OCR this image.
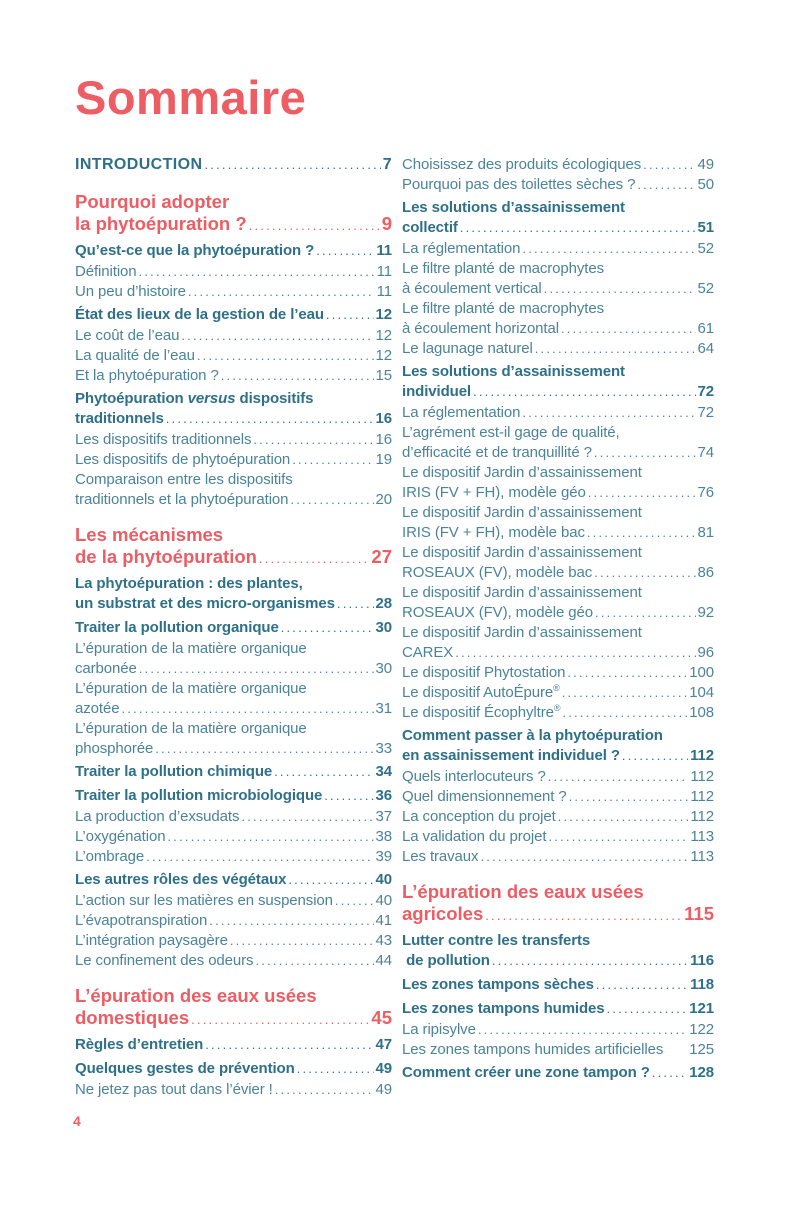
Sommaire
INTRODUCTION .....	7
Pourquoi adopter
la phytoépuration ? .....	9
Qu’est-ce que la phytoépuration ? .....	11
Définition .....	11
Un peu d’histoire .....	11
État des lieux de la gestion de l’eau .....	12
Le coût de l’eau .....	12
La qualité de l’eau .....	12
Et la phytoépuration ? .....	15
Phytoépuration versus dispositifs
traditionnels .....	16
Les dispositifs traditionnels .....	16
Les dispositifs de phytoépuration .....	19
Comparaison entre les dispositifs
traditionnels et la phytoépuration .....	20
Les mécanismes
de la phytoépuration .....	27
La phytoépuration : des plantes,
un substrat et des micro-organismes .....	28
Traiter la pollution organique .....	30
L’épuration de la matière organique
carbonée .....	30
L’épuration de la matière organique
azotée .....	31
L’épuration de la matière organique
phosphorée .....	33
Traiter la pollution chimique .....	34
Traiter la pollution microbiologique .....	36
La production d’exsudats .....	37
L’oxygénation .....	38
L’ombrage .....	39
Les autres rôles des végétaux .....	40
L’action sur les matières en suspension .....	40
L’évapotranspiration .....	41
L’intégration paysagère .....	43
Le confinement des odeurs .....	44
L’épuration des eaux usées
domestiques .....	45
Règles d’entretien .....	47
Quelques gestes de prévention .....	49
Ne jetez pas tout dans l’évier ! .....	49
Choisissez des produits écologiques .....	49
Pourquoi pas des toilettes sèches ? .....	50
Les solutions d’assainissement
collectif .....	51
La réglementation .....	52
Le filtre planté de macrophytes
à écoulement vertical .....	52
Le filtre planté de macrophytes
à écoulement horizontal .....	61
Le lagunage naturel .....	64
Les solutions d’assainissement
individuel .....	72
La réglementation .....	72
L’agrément est-il gage de qualité,
d’efficacité et de tranquillité ? .....	74
Le dispositif Jardin d’assainissement
IRIS (FV + FH), modèle géo .....	76
Le dispositif Jardin d’assainissement
IRIS (FV + FH), modèle bac .....	81
Le dispositif Jardin d’assainissement
ROSEAUX (FV), modèle bac .....	86
Le dispositif Jardin d’assainissement
ROSEAUX (FV), modèle géo .....	92
Le dispositif Jardin d’assainissement
CAREX .....	96
Le dispositif Phytostation .....	100
Le dispositif AutoÉpure® .....	104
Le dispositif Écophyltre® .....	108
Comment passer à la phytoépuration
en assainissement individuel ? .....	112
Quels interlocuteurs ? .....	112
Quel dimensionnement ? .....	112
La conception du projet .....	112
La validation du projet .....	113
Les travaux .....	113
L’épuration des eaux usées
agricoles .....	115
Lutter contre les transferts
de pollution .....	116
Les zones tampons sèches .....	118
Les zones tampons humides .....	121
La ripisylve .....	122
Les zones tampons humides artificielles 125
Comment créer une zone tampon ? .....	128
4
